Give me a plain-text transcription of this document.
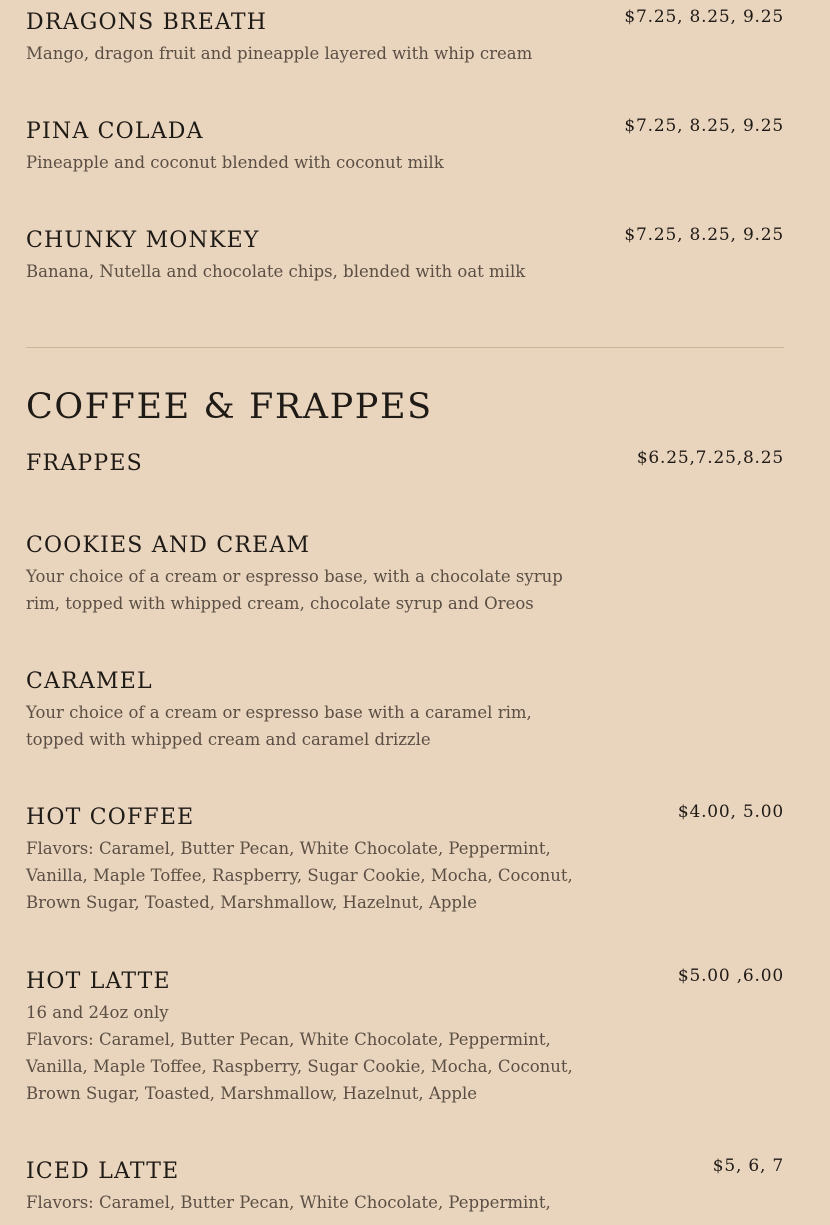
DRAGONS BREATH	$7.25, 8.25, 9.25
Mango, dragon fruit and pineapple layered with whip cream
PINA COLADA	$7.25, 8.25, 9.25
Pineapple and coconut blended with coconut milk
CHUNKY MONKEY	$7.25, 8.25, 9.25
Banana, Nutella and chocolate chips, blended with oat milk
COFFEE & FRAPPES
FRAPPES	$6.25,7.25,8.25
COOKIES AND CREAM
Your choice of a cream or espresso base, with a chocolate syrup
rim, topped with whipped cream, chocolate syrup and Oreos
CARAMEL
Your choice of a cream or espresso base with a caramel rim,
topped with whipped cream and caramel drizzle
HOT COFFEE	$4.00, 5.00
Flavors: Caramel, Butter Pecan, White Chocolate, Peppermint,
Vanilla, Maple Toffee, Raspberry, Sugar Cookie, Mocha, Coconut,
Brown Sugar, Toasted, Marshmallow, Hazelnut, Apple
HOT LATTE	$5.00 ,6.00
16 and 24oz only
Flavors: Caramel, Butter Pecan, White Chocolate, Peppermint,
Vanilla, Maple Toffee, Raspberry, Sugar Cookie, Mocha, Coconut,
Brown Sugar, Toasted, Marshmallow, Hazelnut, Apple
ICED LATTE	$5, 6, 7
Flavors: Caramel, Butter Pecan, White Chocolate, Peppermint,
